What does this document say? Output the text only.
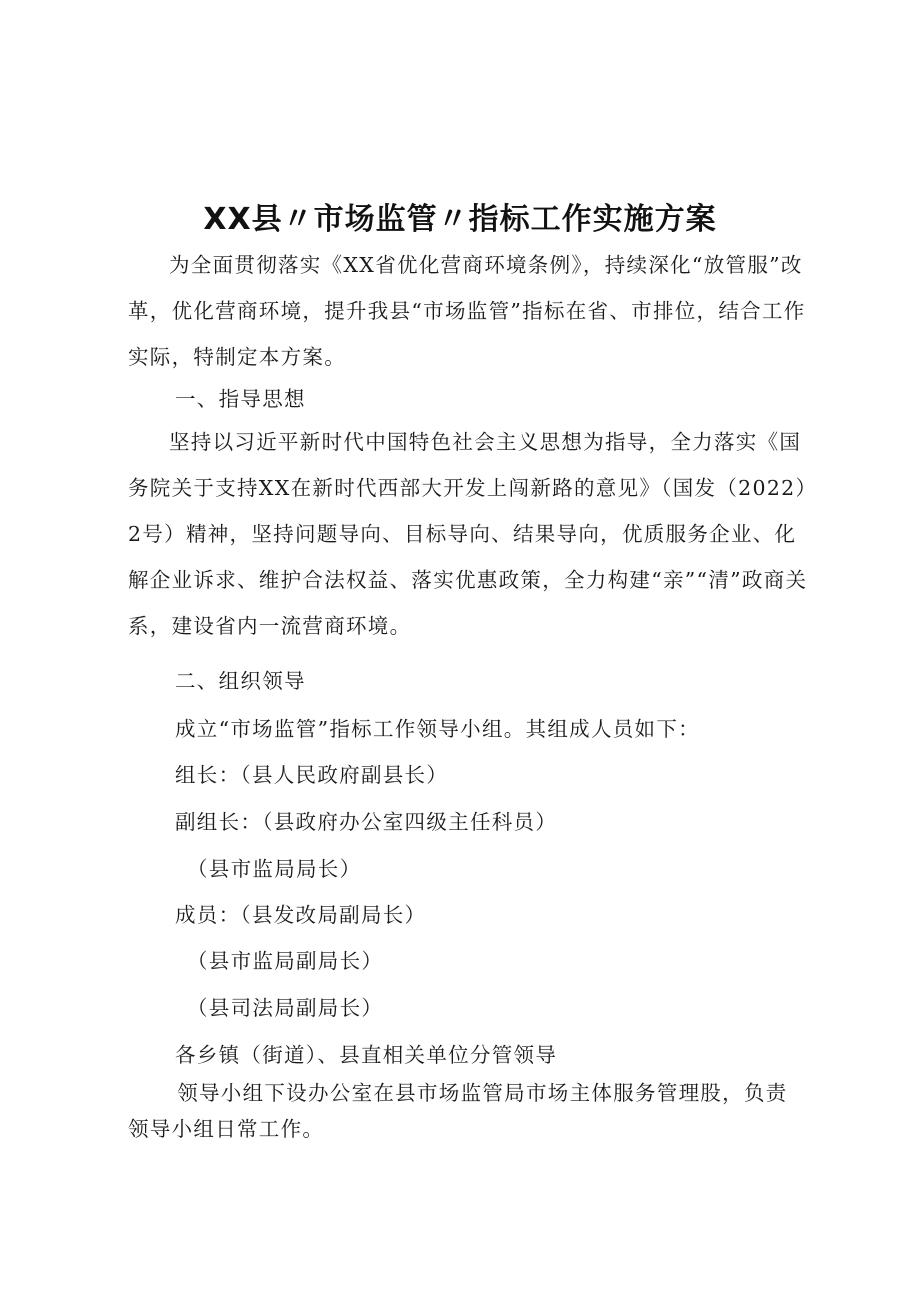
XX县〃市场监管〃指标工作实施方案

为全面贯彻落实《XX省优化营商环境条例》，持续深化“放管服”改革，优化营商环境，提升我县“市场监管”指标在省、市排位，结合工作实际，特制定本方案。

一、指导思想

坚持以习近平新时代中国特色社会主义思想为指导，全力落实《国务院关于支持XX在新时代西部大开发上闯新路的意见》（国发（2022）2号）精神，坚持问题导向、目标导向、结果导向，优质服务企业、化解企业诉求、维护合法权益、落实优惠政策，全力构建“亲”“清”政商关系，建设省内一流营商环境。

二、组织领导

成立“市场监管”指标工作领导小组。其组成人员如下：

组长：（县人民政府副县长）

副组长：（县政府办公室四级主任科员）

（县市监局局长）

成员：（县发改局副局长）

（县市监局副局长）

（县司法局副局长）

各乡镇（街道）、县直相关单位分管领导

领导小组下设办公室在县市场监管局市场主体服务管理股，负责领导小组日常工作。
